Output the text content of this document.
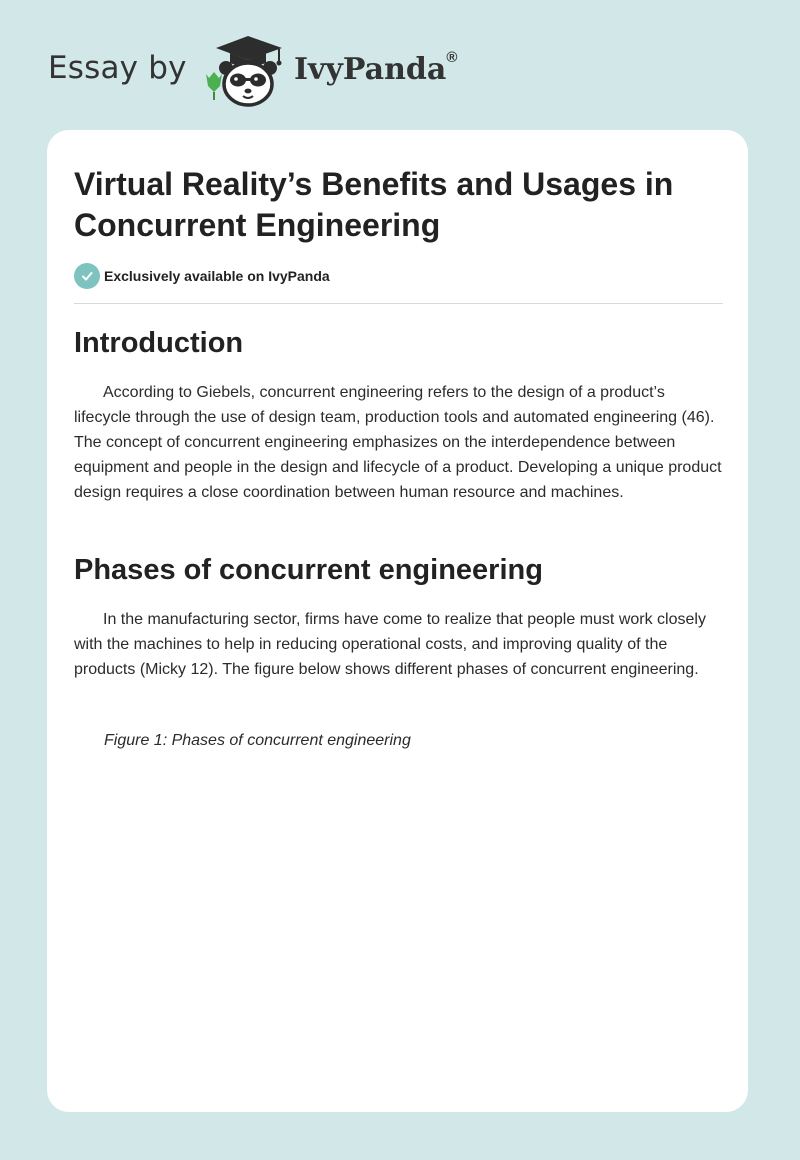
Essay by	IvyPanda®
Virtual Reality’s Benefits and Usages in Concurrent Engineering
Exclusively available on IvyPanda
Introduction

According to Giebels, concurrent engineering refers to the design of a product’s lifecycle through the use of design team, production tools and automated engineering (46). The concept of concurrent engineering emphasizes on the interdependence between equipment and people in the design and lifecycle of a product. Developing a unique product design requires a close coordination between human resource and machines.

Phases of concurrent engineering

In the manufacturing sector, firms have come to realize that people must work closely with the machines to help in reducing operational costs, and improving quality of the products (Micky 12). The figure below shows different phases of concurrent engineering.

Figure 1: Phases of concurrent engineering
